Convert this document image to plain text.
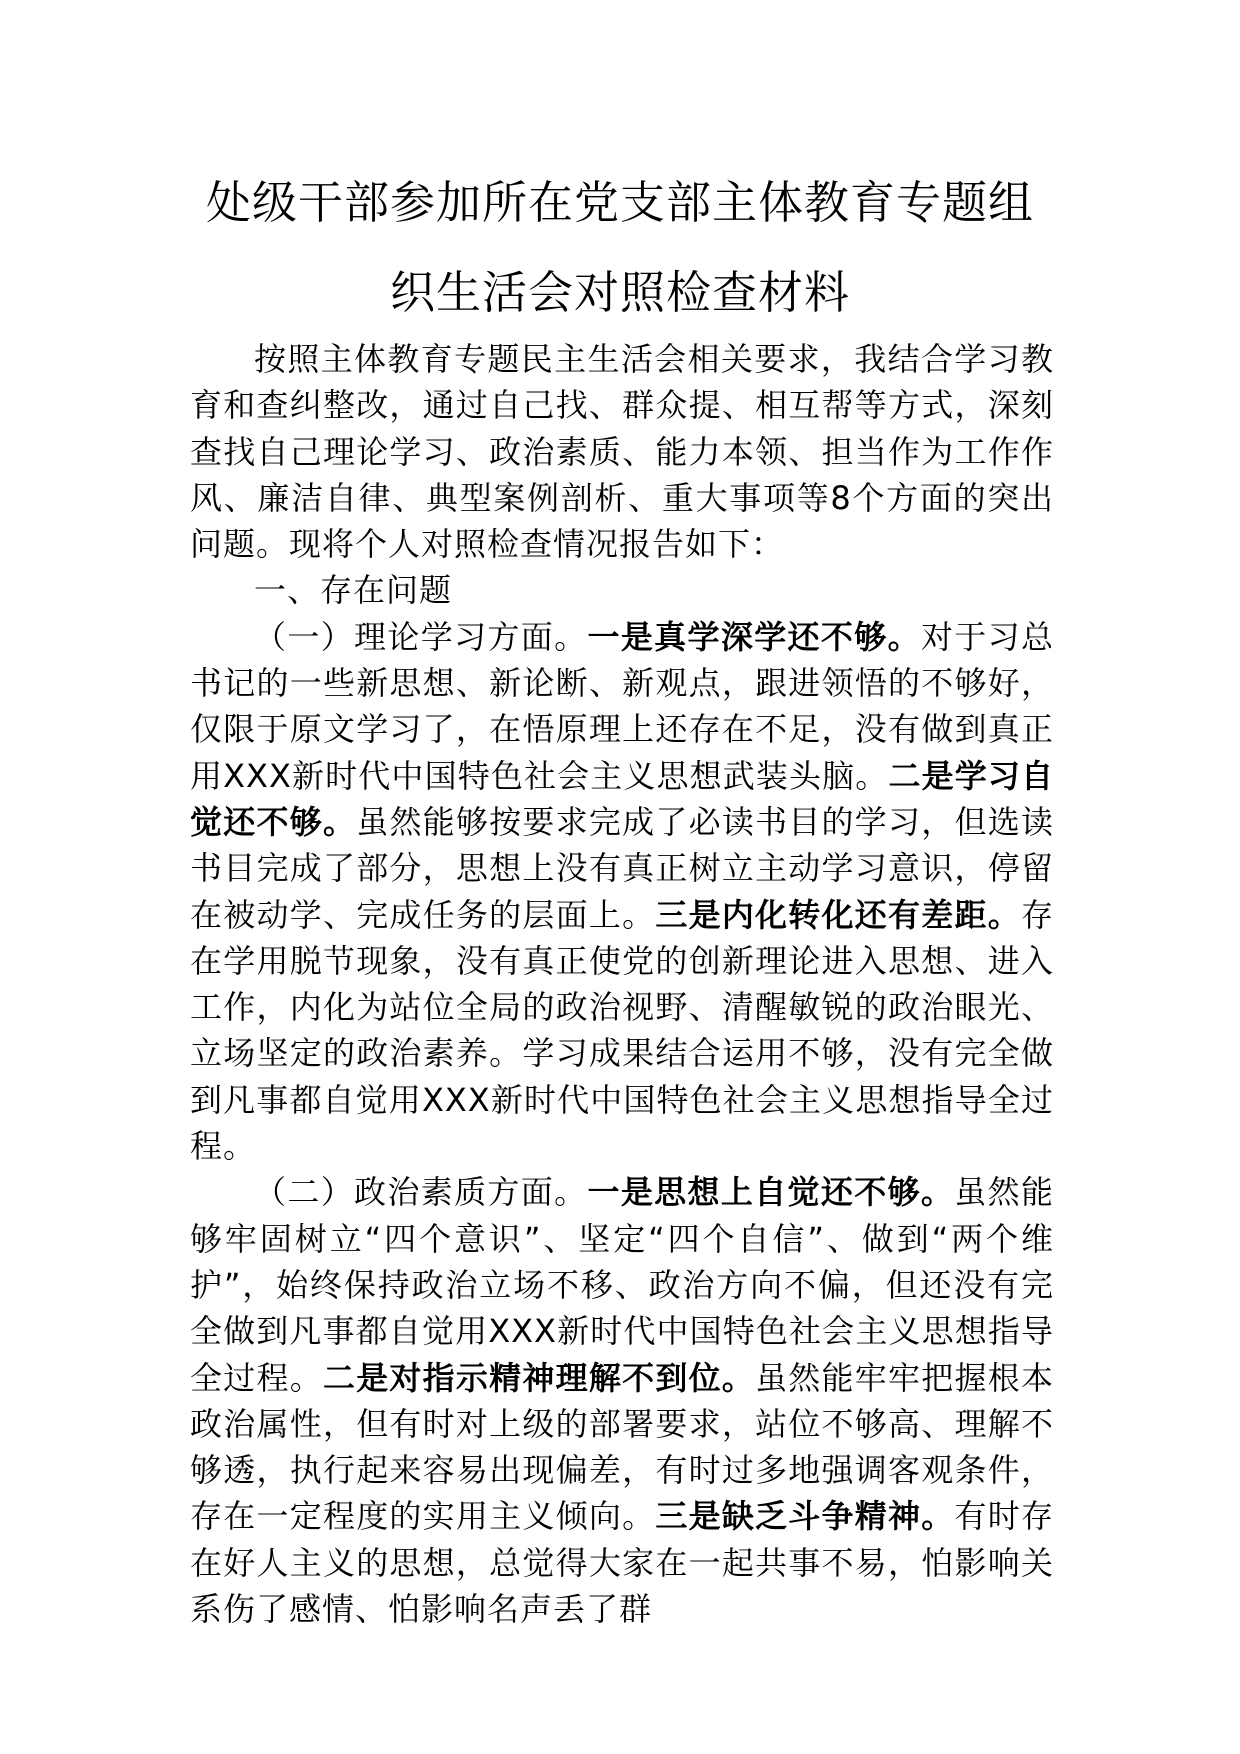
处级干部参加所在党支部主体教育专题组
织生活会对照检查材料

按照主体教育专题民主生活会相关要求，我结合学习教育和查纠整改，通过自己找、群众提、相互帮等方式，深刻查找自己理论学习、政治素质、能力本领、担当作为工作作风、廉洁自律、典型案例剖析、重大事项等8个方面的突出问题。现将个人对照检查情况报告如下：

一、存在问题

（一）理论学习方面。一是真学深学还不够。对于习总书记的一些新思想、新论断、新观点，跟进领悟的不够好，仅限于原文学习了，在悟原理上还存在不足，没有做到真正用XXX新时代中国特色社会主义思想武装头脑。二是学习自觉还不够。虽然能够按要求完成了必读书目的学习，但选读书目完成了部分，思想上没有真正树立主动学习意识，停留在被动学、完成任务的层面上。三是内化转化还有差距。存在学用脱节现象，没有真正使党的创新理论进入思想、进入工作，内化为站位全局的政治视野、清醒敏锐的政治眼光、立场坚定的政治素养。学习成果结合运用不够，没有完全做到凡事都自觉用XXX新时代中国特色社会主义思想指导全过程。

（二）政治素质方面。一是思想上自觉还不够。虽然能够牢固树立“四个意识”、坚定“四个自信”、做到“两个维护”，始终保持政治立场不移、政治方向不偏，但还没有完全做到凡事都自觉用XXX新时代中国特色社会主义思想指导全过程。二是对指示精神理解不到位。虽然能牢牢把握根本政治属性，但有时对上级的部署要求，站位不够高、理解不够透，执行起来容易出现偏差，有时过多地强调客观条件，存在一定程度的实用主义倾向。三是缺乏斗争精神。有时存在好人主义的思想，总觉得大家在一起共事不易，怕影响关系伤了感情、怕影响名声丢了群
